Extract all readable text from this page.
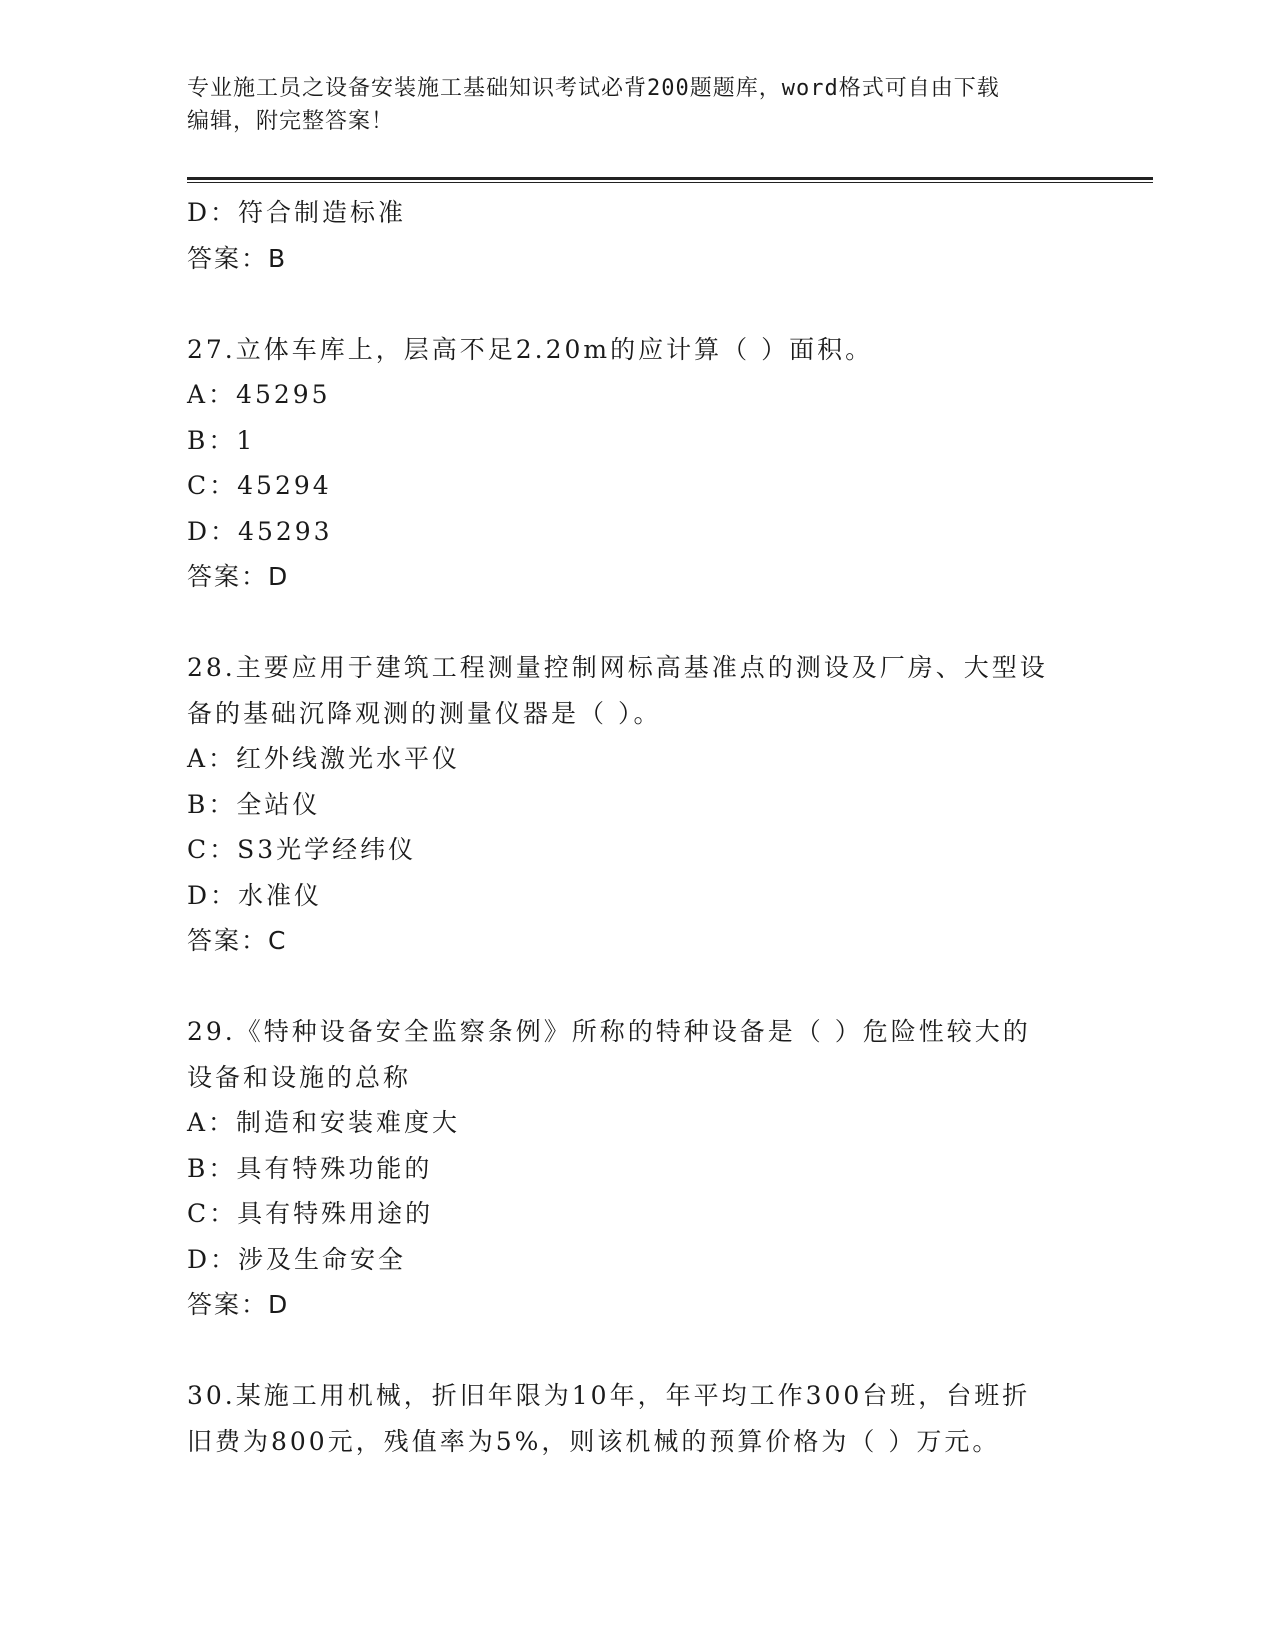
专业施工员之设备安装施工基础知识考试必背200题题库，word格式可自由下载
编辑，附完整答案！
D：符合制造标准
答案：B
27.立体车库上，层高不足2.20m的应计算（ ）面积。
A：45295
B：1
C：45294
D：45293
答案：D
28.主要应用于建筑工程测量控制网标高基准点的测设及厂房、大型设
备的基础沉降观测的测量仪器是（ ）。
A：红外线激光水平仪
B：全站仪
C：S3光学经纬仪
D：水准仪
答案：C
29.《特种设备安全监察条例》所称的特种设备是（ ）危险性较大的
设备和设施的总称
A：制造和安装难度大
B：具有特殊功能的
C：具有特殊用途的
D：涉及生命安全
答案：D
30.某施工用机械，折旧年限为10年，年平均工作300台班，台班折
旧费为800元，残值率为5%，则该机械的预算价格为（ ）万元。
